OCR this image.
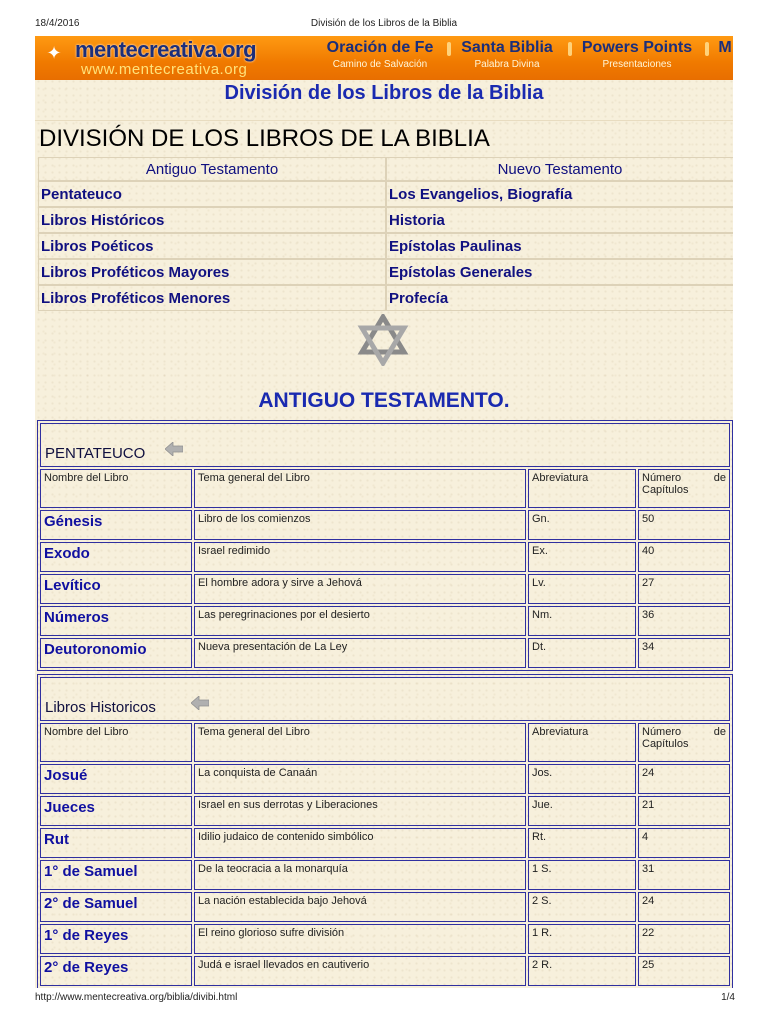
18/4/2016	División de los Libros de la Biblia
✦ mentecreativa.org
www.mentecreativa.org
Oración de Fe
Camino de Salvación
Santa Biblia
Palabra Divina
Powers Points
Presentaciones
M
División de los Libros de la Biblia
DIVISIÓN DE LOS LIBROS DE LA BIBLIA
Antiguo Testamento	Nuevo Testamento
Pentateuco	Los Evangelios, Biografía
Libros Históricos	Historia
Libros Poéticos	Epístolas Paulinas
Libros Proféticos Mayores	Epístolas Generales
Libros Proféticos Menores	Profecía
ANTIGUO TESTAMENTO.
PENTATEUCO			

Nombre del Libro	Tema general del Libro	Abreviatura	Número de
Capítulos

Génesis	Libro de los comienzos	Gn.	50
Exodo	Israel redimido	Ex.	40
Levítico	El hombre adora y sirve a Jehová	Lv.	27
Números	Las peregrinaciones por el desierto	Nm.	36
Deutoronomio	Nueva presentación de La Ley	Dt.	34
Libros Historicos			

Nombre del Libro	Tema general del Libro	Abreviatura	Número de
Capítulos

Josué	La conquista de Canaán	Jos.	24
Jueces	Israel en sus derrotas y Liberaciones	Jue.	21
Rut	Idilio judaico de contenido simbólico	Rt.	4
1° de Samuel	De la teocracia a la monarquía	1 S.	31
2° de Samuel	La nación establecida bajo Jehová	2 S.	24
1° de Reyes	El reino glorioso sufre división	1 R.	22
2° de Reyes	Judá e israel llevados en cautiverio	2 R.	25

http://www.mentecreativa.org/biblia/divibi.html	1/4
